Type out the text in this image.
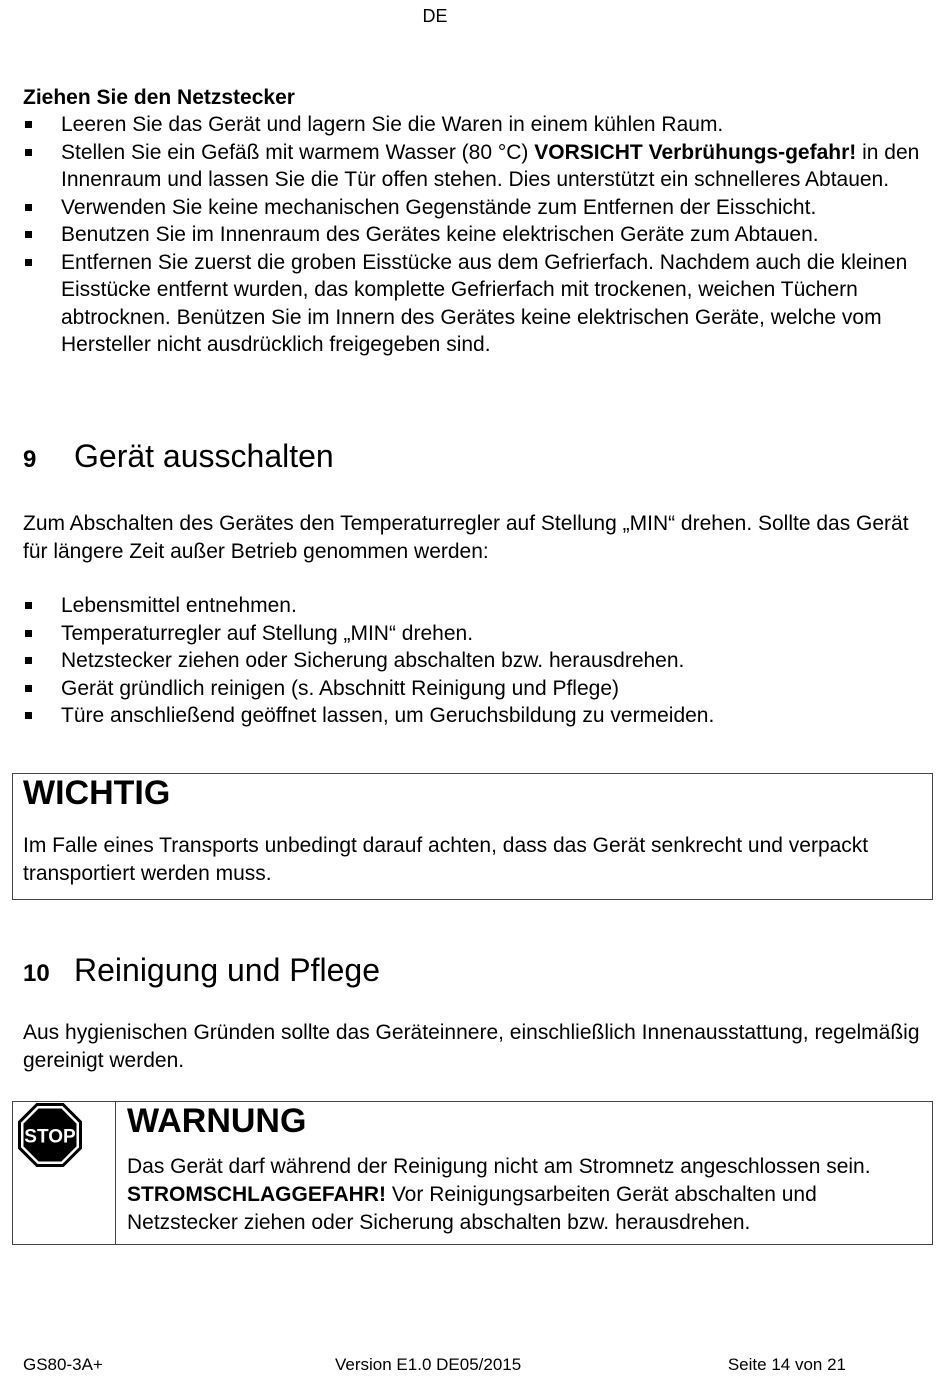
DE
Ziehen Sie den Netzstecker
Leeren Sie das Gerät und lagern Sie die Waren in einem kühlen Raum.
Stellen Sie ein Gefäß mit warmem Wasser (80 °C) VORSICHT Verbrühungs-gefahr! in den Innenraum und lassen Sie die Tür offen stehen. Dies unterstützt ein schnelleres Abtauen.
Verwenden Sie keine mechanischen Gegenstände zum Entfernen der Eisschicht.
Benutzen Sie im Innenraum des Gerätes keine elektrischen Geräte zum Abtauen.
Entfernen Sie zuerst die groben Eisstücke aus dem Gefrierfach. Nachdem auch die kleinen Eisstücke entfernt wurden, das komplette Gefrierfach mit trockenen, weichen Tüchern abtrocknen. Benützen Sie im Innern des Gerätes keine elektrischen Geräte, welche vom Hersteller nicht ausdrücklich freigegeben sind.
9 Gerät ausschalten
Zum Abschalten des Gerätes den Temperaturregler auf Stellung „MIN“ drehen. Sollte das Gerät für längere Zeit außer Betrieb genommen werden:
Lebensmittel entnehmen.
Temperaturregler auf Stellung „MIN“ drehen.
Netzstecker ziehen oder Sicherung abschalten bzw. herausdrehen.
Gerät gründlich reinigen (s. Abschnitt Reinigung und Pflege)
Türe anschließend geöffnet lassen, um Geruchsbildung zu vermeiden.
WICHTIG
Im Falle eines Transports unbedingt darauf achten, dass das Gerät senkrecht und verpackt transportiert werden muss.
10 Reinigung und Pflege
Aus hygienischen Gründen sollte das Geräteinnere, einschließlich Innenausstattung, regelmäßig gereinigt werden.
STOP WARNUNG
Das Gerät darf während der Reinigung nicht am Stromnetz angeschlossen sein. STROMSCHLAGGEFAHR! Vor Reinigungsarbeiten Gerät abschalten und Netzstecker ziehen oder Sicherung abschalten bzw. herausdrehen.
GS80-3A+	Version E1.0 DE05/2015	Seite 14 von 21
